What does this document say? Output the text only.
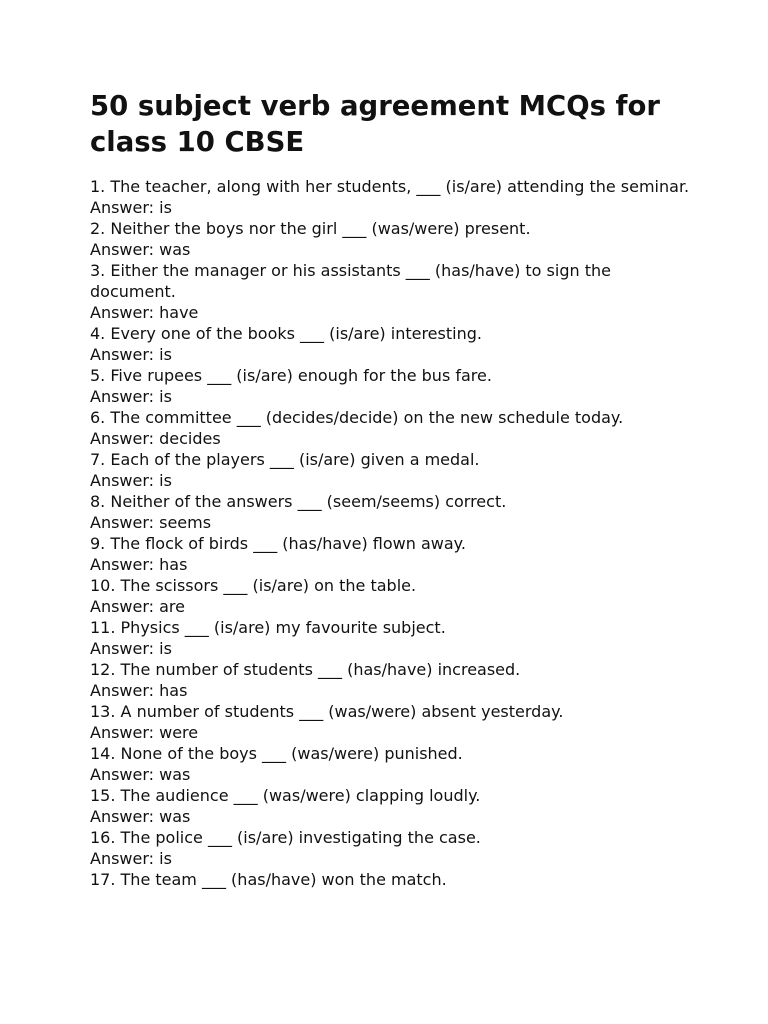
50 subject verb agreement MCQs for class 10 CBSE
1. The teacher, along with her students, ___ (is/are) attending the seminar.
Answer: is
2. Neither the boys nor the girl ___ (was/were) present.
Answer: was
3. Either the manager or his assistants ___ (has/have) to sign the document.
Answer: have
4. Every one of the books ___ (is/are) interesting.
Answer: is
5. Five rupees ___ (is/are) enough for the bus fare.
Answer: is
6. The committee ___ (decides/decide) on the new schedule today.
Answer: decides
7. Each of the players ___ (is/are) given a medal.
Answer: is
8. Neither of the answers ___ (seem/seems) correct.
Answer: seems
9. The flock of birds ___ (has/have) flown away.
Answer: has
10. The scissors ___ (is/are) on the table.
Answer: are
11. Physics ___ (is/are) my favourite subject.
Answer: is
12. The number of students ___ (has/have) increased.
Answer: has
13. A number of students ___ (was/were) absent yesterday.
Answer: were
14. None of the boys ___ (was/were) punished.
Answer: was
15. The audience ___ (was/were) clapping loudly.
Answer: was
16. The police ___ (is/are) investigating the case.
Answer: is
17. The team ___ (has/have) won the match.
